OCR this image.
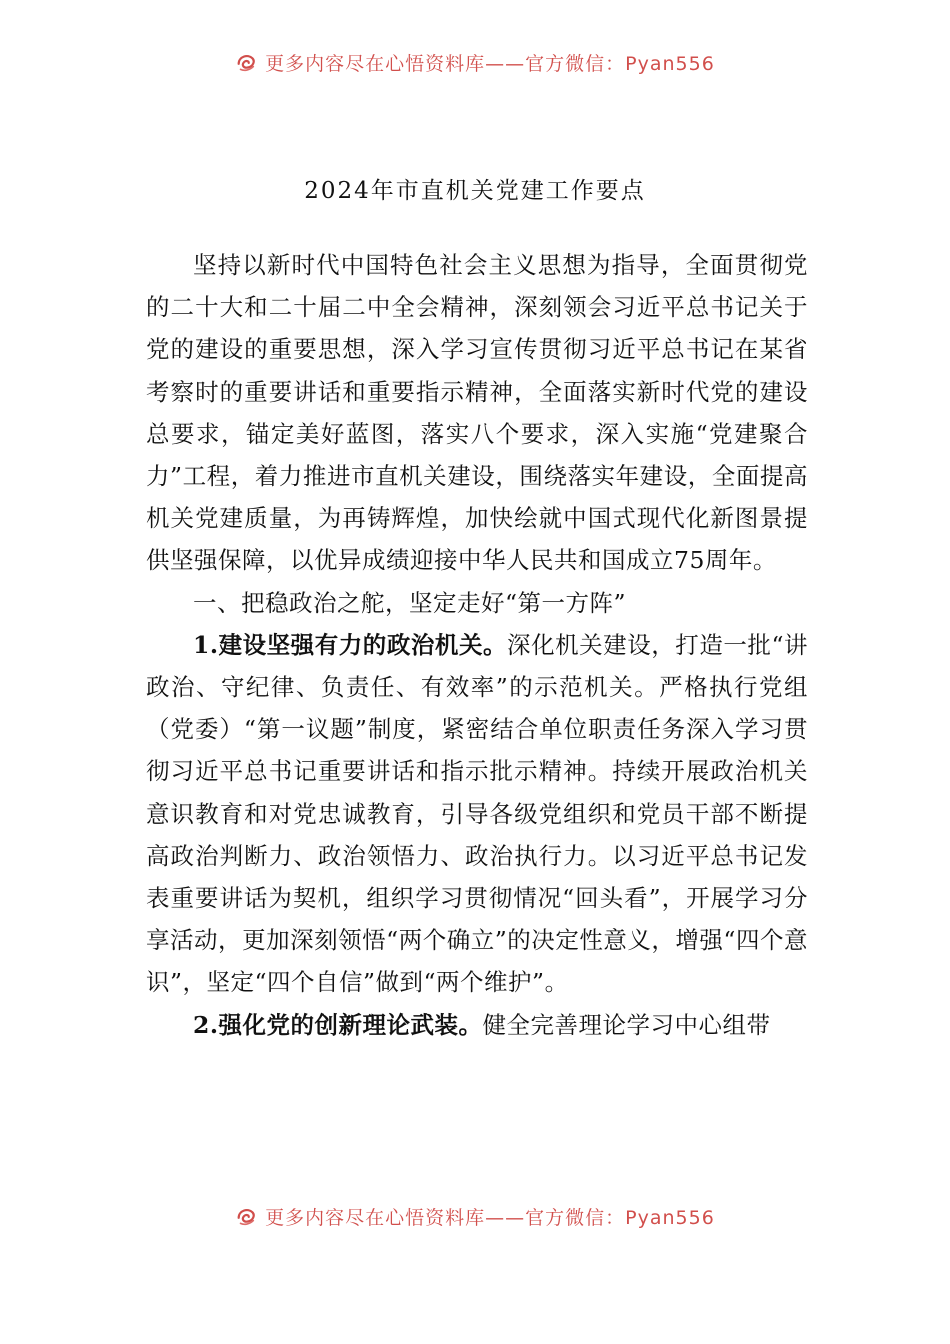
更多内容尽在心悟资料库——官方微信：Pyan556
2024年市直机关党建工作要点

坚持以新时代中国特色社会主义思想为指导，全面贯彻党的二十大和二十届二中全会精神，深刻领会习近平总书记关于党的建设的重要思想，深入学习宣传贯彻习近平总书记在某省考察时的重要讲话和重要指示精神，全面落实新时代党的建设总要求，锚定美好蓝图，落实八个要求，深入实施“党建聚合力”工程，着力推进市直机关建设，围绕落实年建设，全面提高机关党建质量，为再铸辉煌，加快绘就中国式现代化新图景提供坚强保障，以优异成绩迎接中华人民共和国成立75周年。

一、把稳政治之舵，坚定走好“第一方阵”

1.建设坚强有力的政治机关。深化机关建设，打造一批“讲政治、守纪律、负责任、有效率”的示范机关。严格执行党组（党委）“第一议题”制度，紧密结合单位职责任务深入学习贯彻习近平总书记重要讲话和指示批示精神。持续开展政治机关意识教育和对党忠诚教育，引导各级党组织和党员干部不断提高政治判断力、政治领悟力、政治执行力。以习近平总书记发表重要讲话为契机，组织学习贯彻情况“回头看”，开展学习分享活动，更加深刻领悟“两个确立”的决定性意义，增强“四个意识”，坚定“四个自信”做到“两个维护”。

2.强化党的创新理论武装。健全完善理论学习中心组带

更多内容尽在心悟资料库——官方微信：Pyan556
